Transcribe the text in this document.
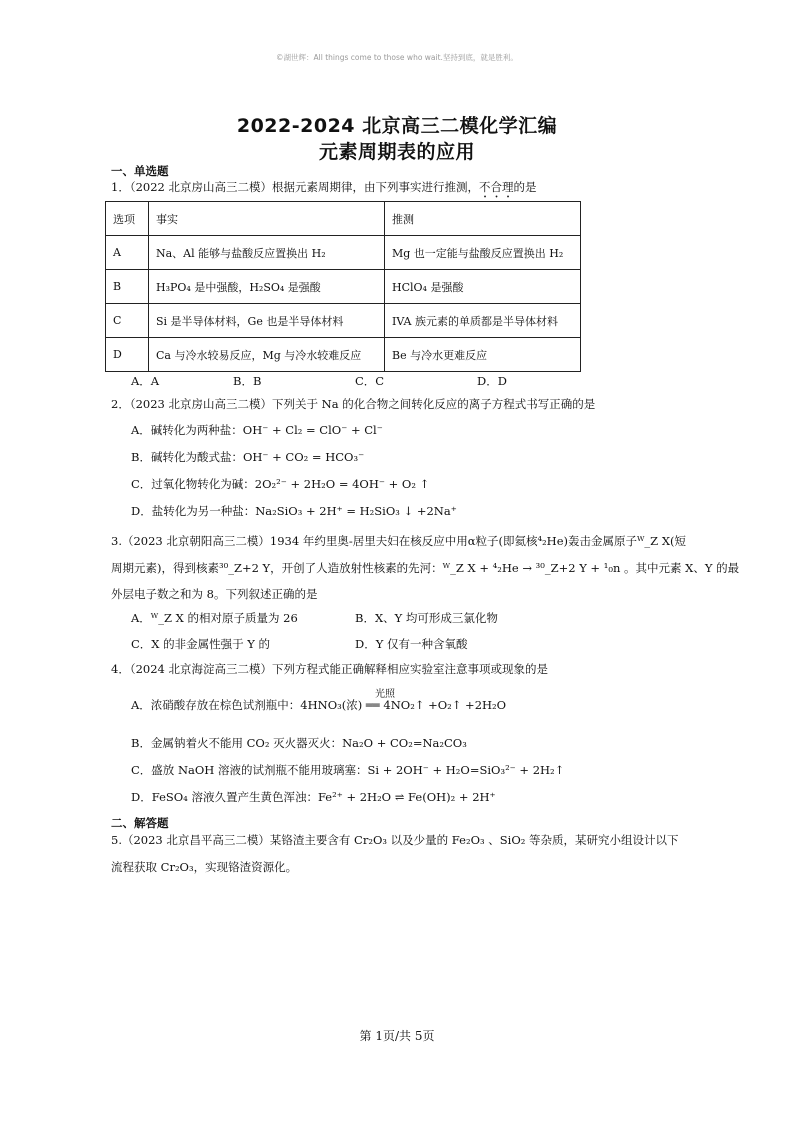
©湖世辉：All things come to those who wait.坚持到底，就是胜利。
2022-2024 北京高三二模化学汇编
元素周期表的应用
一、单选题
1．（2022 北京房山高三二模）根据元素周期律，由下列事实进行推测，不合理的是
选项	事实	推测
A	Na、Al 能够与盐酸反应置换出 H₂	Mg 也一定能与盐酸反应置换出 H₂
B	H₃PO₄ 是中强酸，H₂SO₄ 是强酸	HClO₄ 是强酸
C	Si 是半导体材料，Ge 也是半导体材料	IVA 族元素的单质都是半导体材料
D	Ca 与冷水较易反应，Mg 与冷水较难反应	Be 与冷水更难反应
A．A	B．B	C．C	D．D
2．（2023 北京房山高三二模）下列关于 Na 的化合物之间转化反应的离子方程式书写正确的是
A．碱转化为两种盐：OH⁻ + Cl₂ = ClO⁻ + Cl⁻
B．碱转化为酸式盐：OH⁻ + CO₂ = HCO₃⁻
C．过氧化物转化为碱：2O₂²⁻ + 2H₂O = 4OH⁻ + O₂ ↑
D．盐转化为另一种盐：Na₂SiO₃ + 2H⁺ = H₂SiO₃ ↓ +2Na⁺
3.（2023 北京朝阳高三二模）1934 年约里奥-居里夫妇在核反应中用α粒子(即氦核⁴₂He)轰击金属原子ᵂ_Z X(短
周期元素)，得到核素³⁰_Z+2 Y，开创了人造放射性核素的先河：ᵂ_Z X + ⁴₂He → ³⁰_Z+2 Y + ¹₀n 。其中元素 X、Y 的最
外层电子数之和为 8。下列叙述正确的是
A．ᵂ_Z X 的相对原子质量为 26	B．X、Y 均可形成三氯化物
C．X 的非金属性强于 Y 的	D．Y 仅有一种含氧酸
4．（2024 北京海淀高三二模）下列方程式能正确解释相应实验室注意事项或现象的是
光照
A．浓硝酸存放在棕色试剂瓶中：4HNO₃(浓) ══ 4NO₂↑ +O₂↑ +2H₂O
B．金属钠着火不能用 CO₂ 灭火器灭火：Na₂O + CO₂=Na₂CO₃
C．盛放 NaOH 溶液的试剂瓶不能用玻璃塞：Si + 2OH⁻ + H₂O=SiO₃²⁻ + 2H₂↑
D．FeSO₄ 溶液久置产生黄色浑浊：Fe²⁺ + 2H₂O ⇌ Fe(OH)₂ + 2H⁺
二、解答题
5.（2023 北京昌平高三二模）某铬渣主要含有 Cr₂O₃ 以及少量的 Fe₂O₃ 、SiO₂ 等杂质，某研究小组设计以下
流程获取 Cr₂O₃，实现铬渣资源化。
第 1页/共 5页
